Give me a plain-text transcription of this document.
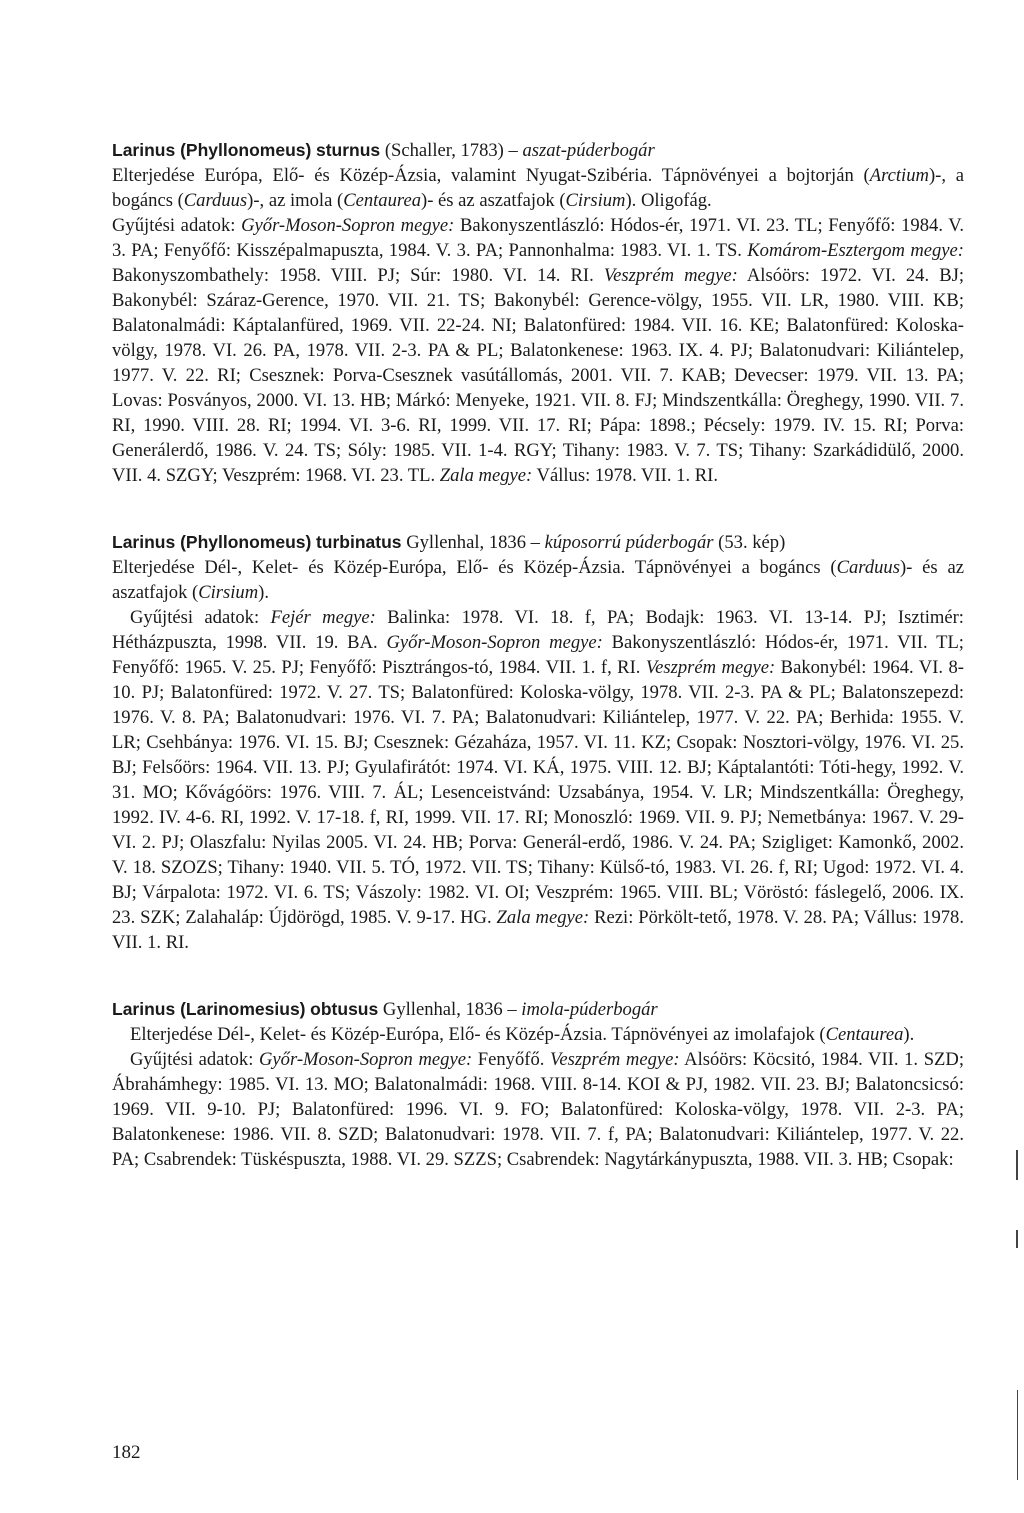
Larinus (Phyllonomeus) sturnus (Schaller, 1783) – aszat-púderbogár

Elterjedése Európa, Elő- és Közép-Ázsia, valamint Nyugat-Szibéria. Tápnövényei a bojtorján (Arctium)-, a bogáncs (Carduus)-, az imola (Centaurea)- és az aszatfajok (Cirsium). Oligofág.

Gyűjtési adatok: Győr-Moson-Sopron megye: Bakonyszentlászló: Hódos-ér, 1971. VI. 23. TL; Fenyőfő: 1984. V. 3. PA; Fenyőfő: Kisszépalmapuszta, 1984. V. 3. PA; Pannonhalma: 1983. VI. 1. TS. Komárom-Esztergom megye: Bakonyszombathely: 1958. VIII. PJ; Súr: 1980. VI. 14. RI. Veszprém megye: Alsóörs: 1972. VI. 24. BJ; Bakonybél: Száraz-Gerence, 1970. VII. 21. TS; Bakonybél: Gerence-völgy, 1955. VII. LR, 1980. VIII. KB; Balatonalmádi: Káptalanfüred, 1969. VII. 22-24. NI; Balatonfüred: 1984. VII. 16. KE; Balatonfüred: Koloska-völgy, 1978. VI. 26. PA, 1978. VII. 2-3. PA & PL; Balatonkenese: 1963. IX. 4. PJ; Balatonudvari: Kiliántelep, 1977. V. 22. RI; Csesznek: Porva-Csesznek vasútállomás, 2001. VII. 7. KAB; Devecser: 1979. VII. 13. PA; Lovas: Posványos, 2000. VI. 13. HB; Márkó: Menyeke, 1921. VII. 8. FJ; Mindszentkálla: Öreghegy, 1990. VII. 7. RI, 1990. VIII. 28. RI; 1994. VI. 3-6. RI, 1999. VII. 17. RI; Pápa: 1898.; Pécsely: 1979. IV. 15. RI; Porva: Generálerdő, 1986. V. 24. TS; Sóly: 1985. VII. 1-4. RGY; Tihany: 1983. V. 7. TS; Tihany: Szarkádidülő, 2000. VII. 4. SZGY; Veszprém: 1968. VI. 23. TL. Zala megye: Vállus: 1978. VII. 1. RI.

Larinus (Phyllonomeus) turbinatus Gyllenhal, 1836 – kúposorrú púderbogár (53. kép)

Elterjedése Dél-, Kelet- és Közép-Európa, Elő- és Közép-Ázsia. Tápnövényei a bogáncs (Carduus)- és az aszatfajok (Cirsium).

Gyűjtési adatok: Fejér megye: Balinka: 1978. VI. 18. f, PA; Bodajk: 1963. VI. 13-14. PJ; Isztimér: Hétházpuszta, 1998. VII. 19. BA. Győr-Moson-Sopron megye: Bakonyszentlászló: Hódos-ér, 1971. VII. TL; Fenyőfő: 1965. V. 25. PJ; Fenyőfő: Pisztrángos-tó, 1984. VII. 1. f, RI. Veszprém megye: Bakonybél: 1964. VI. 8-10. PJ; Balatonfüred: 1972. V. 27. TS; Balatonfüred: Koloska-völgy, 1978. VII. 2-3. PA & PL; Balatonszepezd: 1976. V. 8. PA; Balatonudvari: 1976. VI. 7. PA; Balatonudvari: Kiliántelep, 1977. V. 22. PA; Berhida: 1955. V. LR; Csehbánya: 1976. VI. 15. BJ; Csesznek: Gézaháza, 1957. VI. 11. KZ; Csopak: Nosztori-völgy, 1976. VI. 25. BJ; Felsőörs: 1964. VII. 13. PJ; Gyulafirátót: 1974. VI. KÁ, 1975. VIII. 12. BJ; Káptalantóti: Tóti-hegy, 1992. V. 31. MO; Kővágóörs: 1976. VIII. 7. ÁL; Lesenceistvánd: Uzsabánya, 1954. V. LR; Mindszentkálla: Öreghegy, 1992. IV. 4-6. RI, 1992. V. 17-18. f, RI, 1999. VII. 17. RI; Monoszló: 1969. VII. 9. PJ; Nemetbánya: 1967. V. 29-VI. 2. PJ; Olaszfalu: Nyilas 2005. VI. 24. HB; Porva: Generál-erdő, 1986. V. 24. PA; Szigliget: Kamonkő, 2002. V. 18. SZOZS; Tihany: 1940. VII. 5. TÓ, 1972. VII. TS; Tihany: Külső-tó, 1983. VI. 26. f, RI; Ugod: 1972. VI. 4. BJ; Várpalota: 1972. VI. 6. TS; Vászoly: 1982. VI. OI; Veszprém: 1965. VIII. BL; Vöröstó: fáslegelő, 2006. IX. 23. SZK; Zalahaláp: Újdörögd, 1985. V. 9-17. HG. Zala megye: Rezi: Pörkölt-tető, 1978. V. 28. PA; Vállus: 1978. VII. 1. RI.

Larinus (Larinomesius) obtusus Gyllenhal, 1836 – imola-púderbogár

Elterjedése Dél-, Kelet- és Közép-Európa, Elő- és Közép-Ázsia. Tápnövényei az imolafajok (Centaurea).

Gyűjtési adatok: Győr-Moson-Sopron megye: Fenyőfő. Veszprém megye: Alsóörs: Köcsitó, 1984. VII. 1. SZD; Ábrahámhegy: 1985. VI. 13. MO; Balatonalmádi: 1968. VIII. 8-14. KOI & PJ, 1982. VII. 23. BJ; Balatoncsicsó: 1969. VII. 9-10. PJ; Balatonfüred: 1996. VI. 9. FO; Balatonfüred: Koloska-völgy, 1978. VII. 2-3. PA; Balatonkenese: 1986. VII. 8. SZD; Balatonudvari: 1978. VII. 7. f, PA; Balatonudvari: Kiliántelep, 1977. V. 22. PA; Csabrendek: Tüskéspuszta, 1988. VI. 29. SZZS; Csabrendek: Nagytárkánypuszta, 1988. VII. 3. HB; Csopak:

182
